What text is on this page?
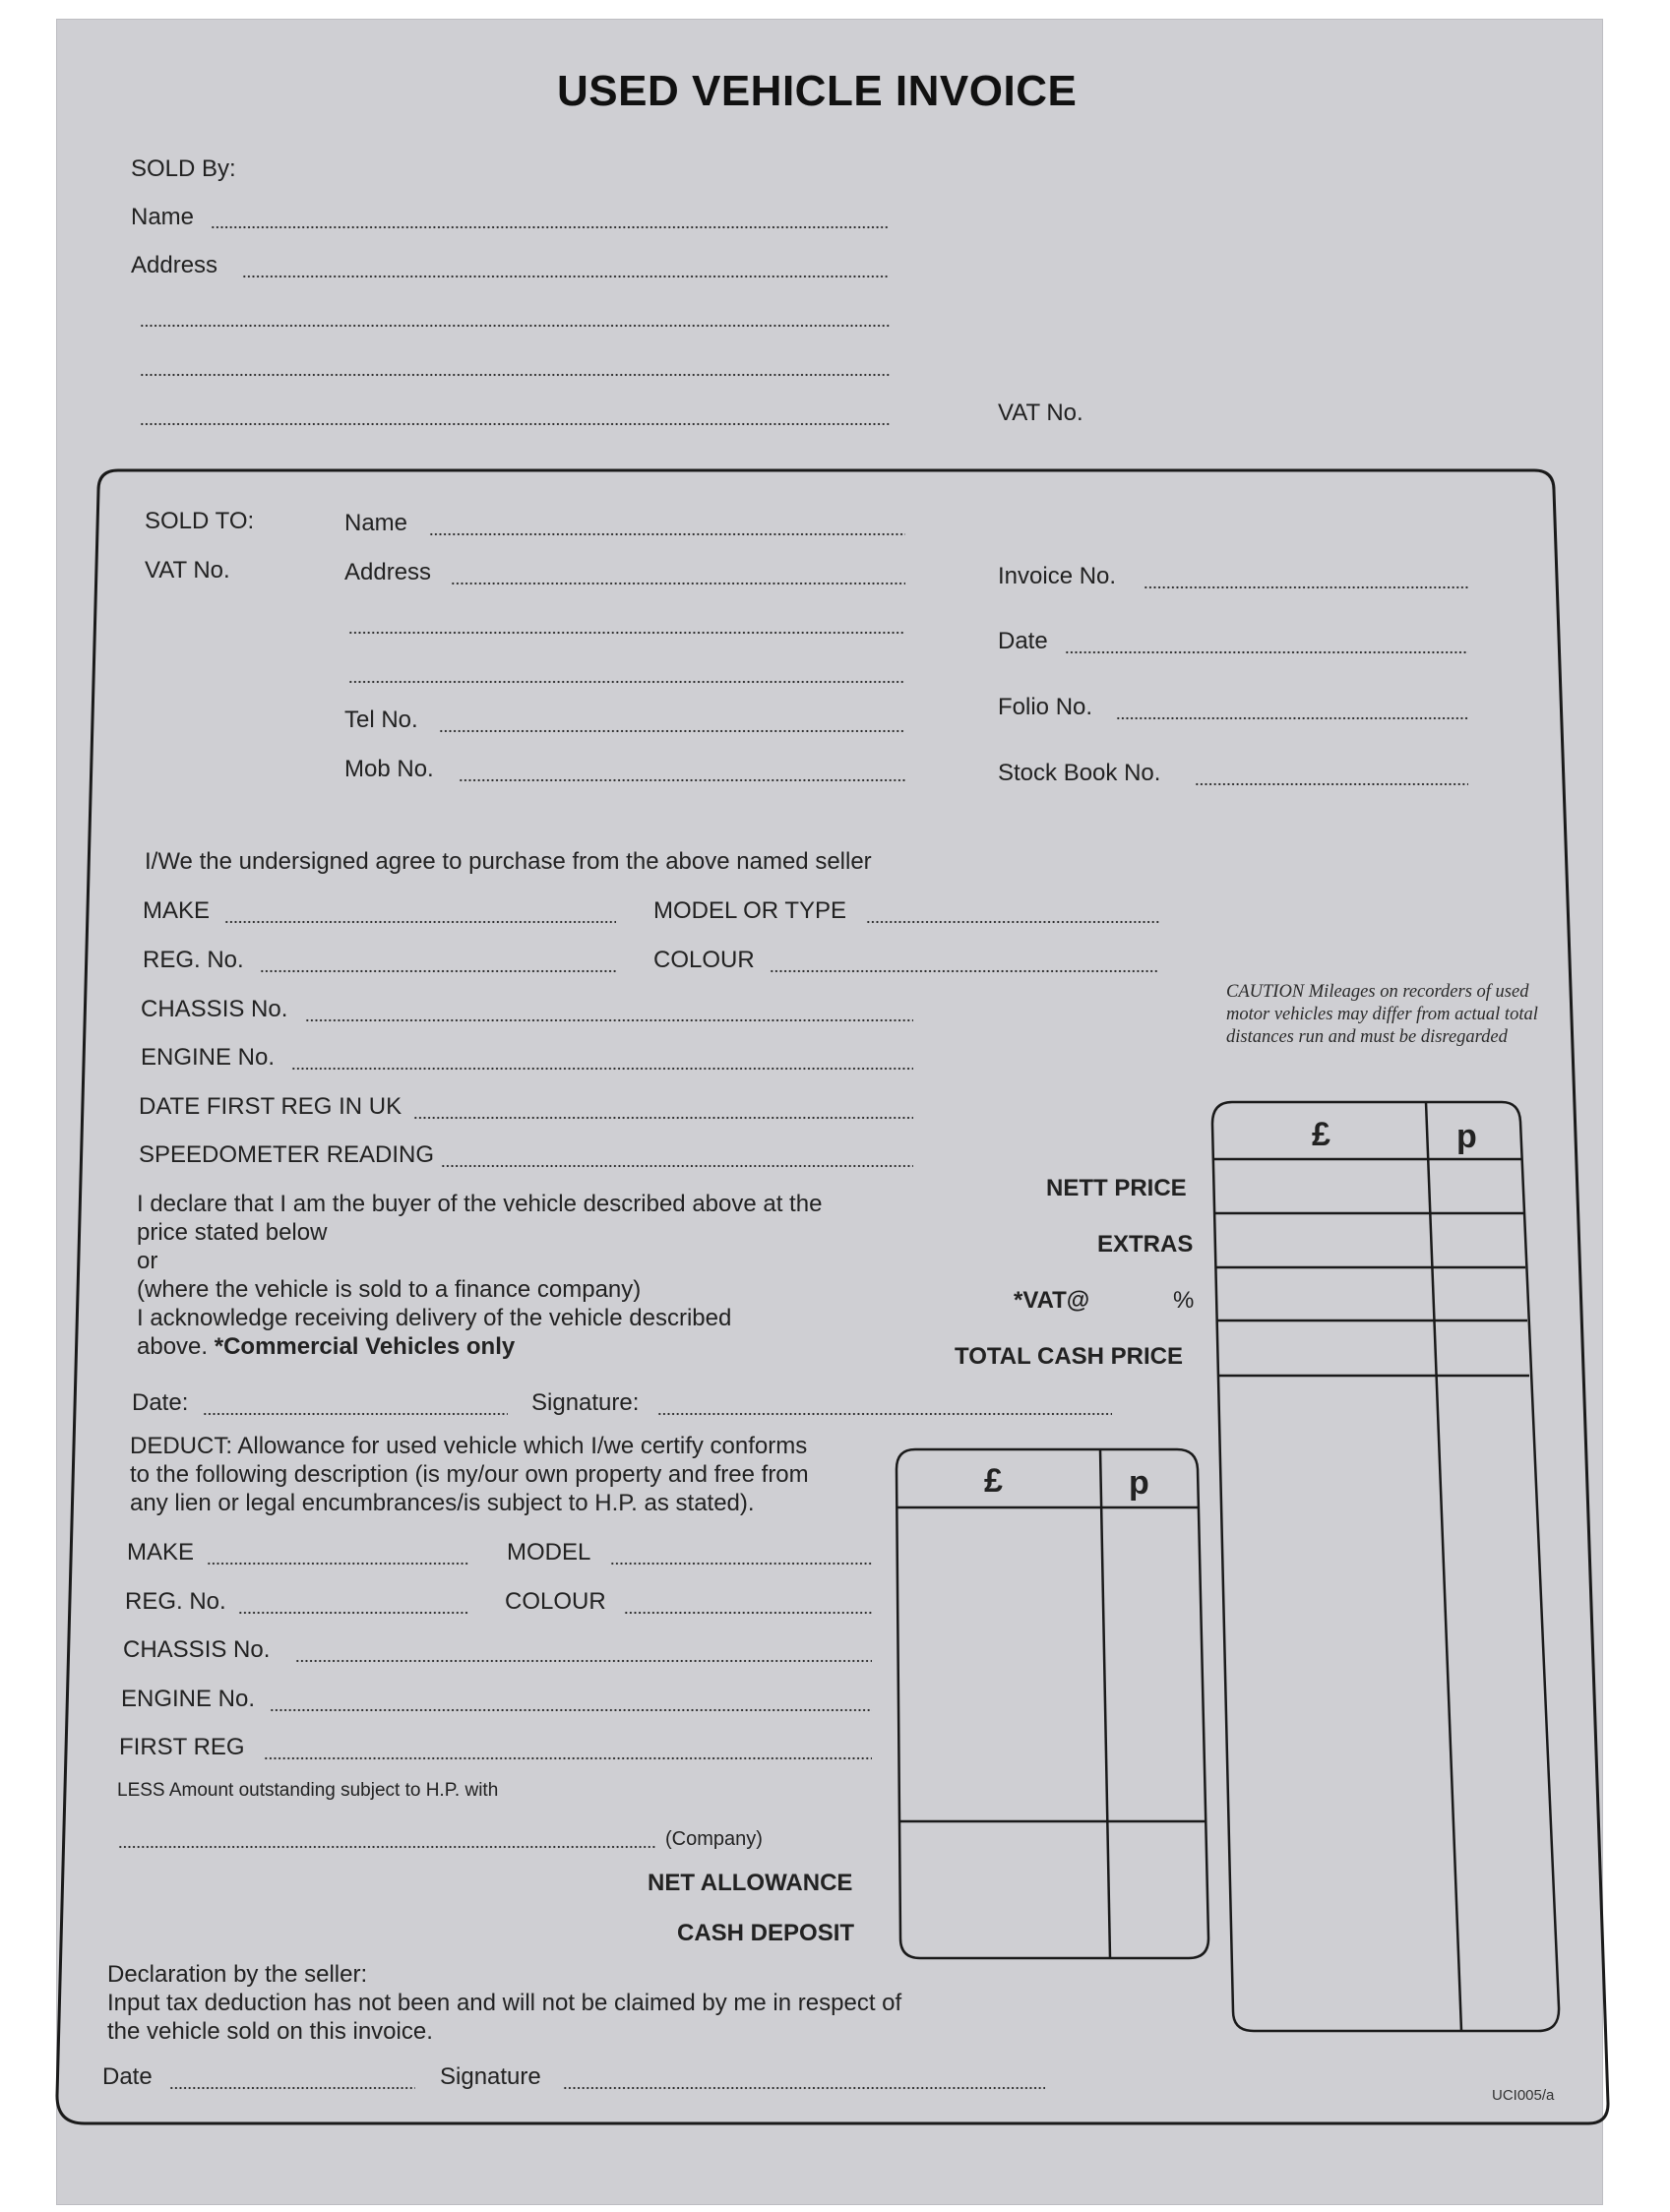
USED VEHICLE INVOICE
SOLD By:
Name
Address
VAT No.
SOLD TO:
VAT No.
Name
Address
Tel No.
Mob No.
Invoice No.
Date
Folio No.
Stock Book No.
I/We the undersigned agree to purchase from the above named seller
MAKE	MODEL OR TYPE
REG. No.	COLOUR
CHASSIS No.
ENGINE No.
DATE FIRST REG IN UK
SPEEDOMETER READING
I declare that I am the buyer of the vehicle described above at the
price stated below
or
(where the vehicle is sold to a finance company)
I acknowledge receiving delivery of the vehicle described
above. *Commercial Vehicles only
Date:	Signature:
CAUTION Mileages on recorders of used motor vehicles may differ from actual total distances run and must be disregarded
£	p
NETT PRICE
EXTRAS
*VAT@	%
TOTAL CASH PRICE
DEDUCT: Allowance for used vehicle which I/we certify conforms
to the following description (is my/our own property and free from
any lien or legal encumbrances/is subject to H.P. as stated).
MAKE	MODEL
REG. No.	COLOUR
CHASSIS No.
ENGINE No.
FIRST REG
LESS Amount outstanding subject to H.P. with
(Company)
NET ALLOWANCE
CASH DEPOSIT
£	p
Declaration by the seller:
Input tax deduction has not been and will not be claimed by me in respect of
the vehicle sold on this invoice.
Date	Signature
UCI005/a
